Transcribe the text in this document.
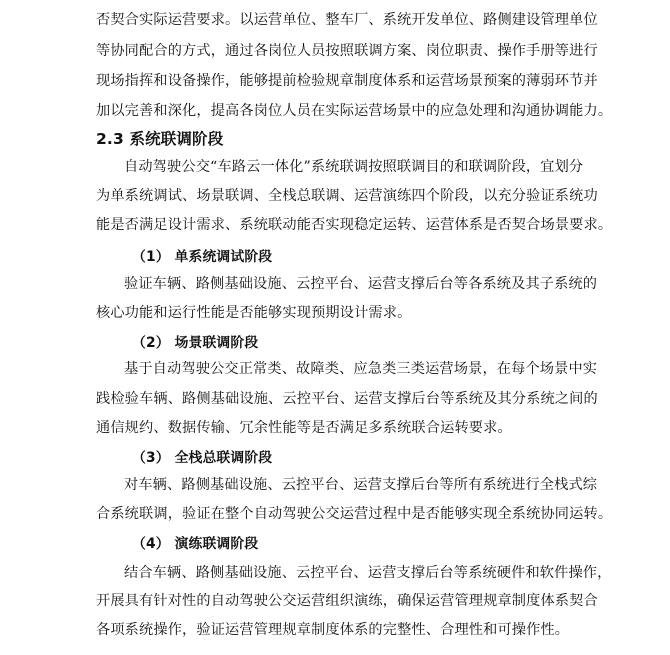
否契合实际运营要求。以运营单位、整车厂、系统开发单位、路侧建设管理单位
等协同配合的方式，通过各岗位人员按照联调方案、岗位职责、操作手册等进行
现场指挥和设备操作，能够提前检验规章制度体系和运营场景预案的薄弱环节并
加以完善和深化，提高各岗位人员在实际运营场景中的应急处理和沟通协调能力。
2.3 系统联调阶段
自动驾驶公交“车路云一体化”系统联调按照联调目的和联调阶段，宜划分
为单系统调试、场景联调、全栈总联调、运营演练四个阶段，以充分验证系统功
能是否满足设计需求、系统联动能否实现稳定运转、运营体系是否契合场景要求。
（1） 单系统调试阶段
验证车辆、路侧基础设施、云控平台、运营支撑后台等各系统及其子系统的
核心功能和运行性能是否能够实现预期设计需求。
（2） 场景联调阶段
基于自动驾驶公交正常类、故障类、应急类三类运营场景，在每个场景中实
践检验车辆、路侧基础设施、云控平台、运营支撑后台等系统及其分系统之间的
通信规约、数据传输、冗余性能等是否满足多系统联合运转要求。
（3） 全栈总联调阶段
对车辆、路侧基础设施、云控平台、运营支撑后台等所有系统进行全栈式综
合系统联调，验证在整个自动驾驶公交运营过程中是否能够实现全系统协同运转。
（4） 演练联调阶段
结合车辆、路侧基础设施、云控平台、运营支撑后台等系统硬件和软件操作，
开展具有针对性的自动驾驶公交运营组织演练，确保运营管理规章制度体系契合
各项系统操作，验证运营管理规章制度体系的完整性、合理性和可操作性。
